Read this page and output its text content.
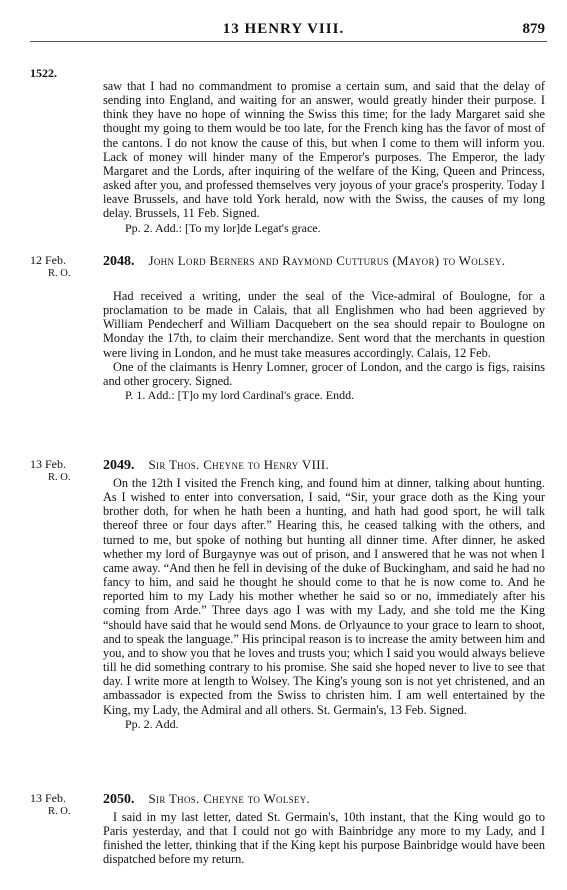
13 HENRY VIII.	879
1522.

saw that I had no commandment to promise a certain sum, and said that the delay of sending into England, and waiting for an answer, would greatly hinder their purpose. I think they have no hope of winning the Swiss this time; for the lady Margaret said she thought my going to them would be too late, for the French king has the favor of most of the cantons. I do not know the cause of this, but when I come to them will inform you. Lack of money will hinder many of the Emperor's purposes. The Emperor, the lady Margaret and the Lords, after inquiring of the welfare of the King, Queen and Princess, asked after you, and professed themselves very joyous of your grace's prosperity. Today I leave Brussels, and have told York herald, now with the Swiss, the causes of my long delay. Brussels, 11 Feb. Signed.

Pp. 2. Add.: [To my lor]de Legat's grace.

12 Feb.
R. O.
2048. John Lord Berners and Raymond Cutturus (Mayor) to Wolsey.

Had received a writing, under the seal of the Vice-admiral of Boulogne, for a proclamation to be made in Calais, that all Englishmen who had been aggrieved by William Pendecherf and William Dacquebert on the sea should repair to Boulogne on Monday the 17th, to claim their merchandize. Sent word that the merchants in question were living in London, and he must take measures accordingly. Calais, 12 Feb.

One of the claimants is Henry Lomner, grocer of London, and the cargo is figs, raisins and other grocery. Signed.

P. 1. Add.: [T]o my lord Cardinal's grace. Endd.

13 Feb.
R. O.
2049. Sir Thos. Cheyne to Henry VIII.

On the 12th I visited the French king, and found him at dinner, talking about hunting. As I wished to enter into conversation, I said, “Sir, your grace doth as the King your brother doth, for when he hath been a hunting, and hath had good sport, he will talk thereof three or four days after.” Hearing this, he ceased talking with the others, and turned to me, but spoke of nothing but hunting all dinner time. After dinner, he asked whether my lord of Burgaynye was out of prison, and I answered that he was not when I came away. “And then he fell in devising of the duke of Buckingham, and said he had no fancy to him, and said he thought he should come to that he is now come to. And he reported him to my Lady his mother whether he said so or no, immediately after his coming from Arde.” Three days ago I was with my Lady, and she told me the King “should have said that he would send Mons. de Orlyaunce to your grace to learn to shoot, and to speak the language.” His principal reason is to increase the amity between him and you, and to show you that he loves and trusts you; which I said you would always believe till he did something contrary to his promise. She said she hoped never to live to see that day. I write more at length to Wolsey. The King's young son is not yet christened, and an ambassador is expected from the Swiss to christen him. I am well entertained by the King, my Lady, the Admiral and all others. St. Germain's, 13 Feb. Signed.

Pp. 2. Add.

13 Feb.
R. O.
2050. Sir Thos. Cheyne to Wolsey.

I said in my last letter, dated St. Germain's, 10th instant, that the King would go to Paris yesterday, and that I could not go with Bainbridge any more to my Lady, and I finished the letter, thinking that if the King kept his purpose Bainbridge would have been dispatched before my return.
